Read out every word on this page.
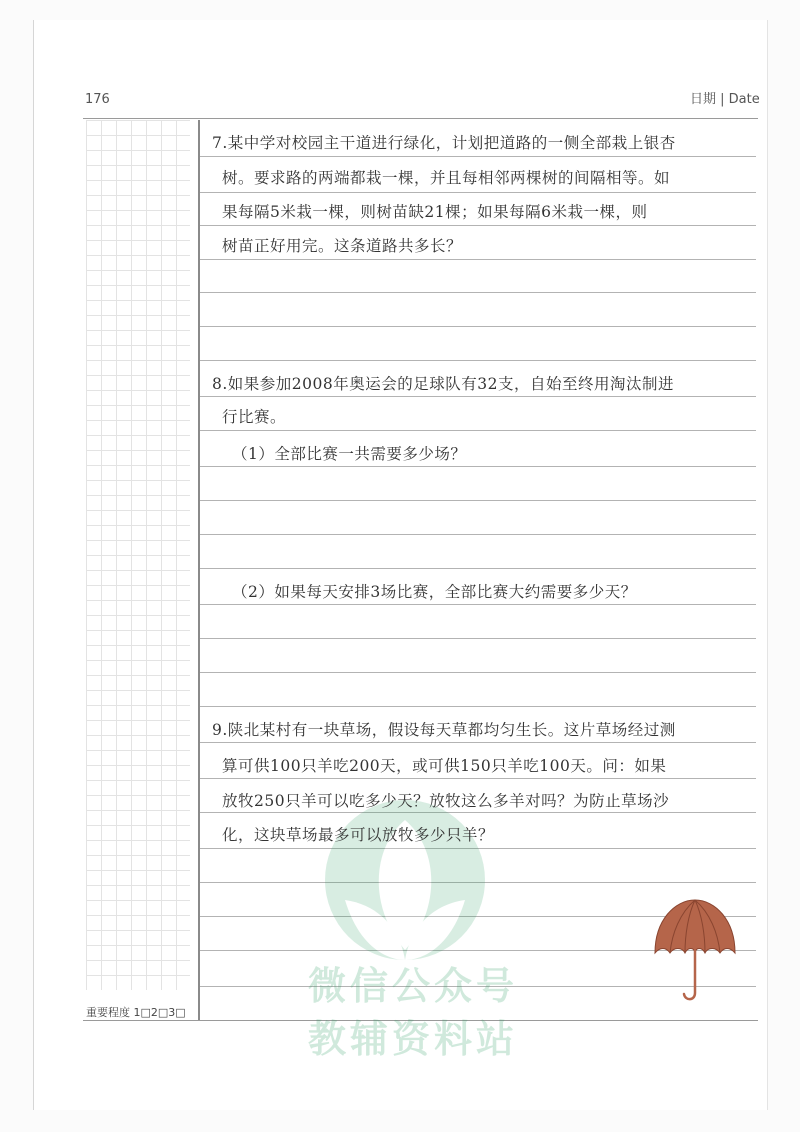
176	日期 | Date
重要程度 1□2□3□
微信公众号
教辅资料站
7.某中学对校园主干道进行绿化，计划把道路的一侧全部栽上银杏
树。要求路的两端都栽一棵，并且每相邻两棵树的间隔相等。如
果每隔5米栽一棵，则树苗缺21棵；如果每隔6米栽一棵，则
树苗正好用完。这条道路共多长？
8.如果参加2008年奥运会的足球队有32支，自始至终用淘汰制进
行比赛。
（1）全部比赛一共需要多少场？
（2）如果每天安排3场比赛，全部比赛大约需要多少天？
9.陕北某村有一块草场，假设每天草都均匀生长。这片草场经过测
算可供100只羊吃200天，或可供150只羊吃100天。问：如果
放牧250只羊可以吃多少天？放牧这么多羊对吗？为防止草场沙
化，这块草场最多可以放牧多少只羊？
